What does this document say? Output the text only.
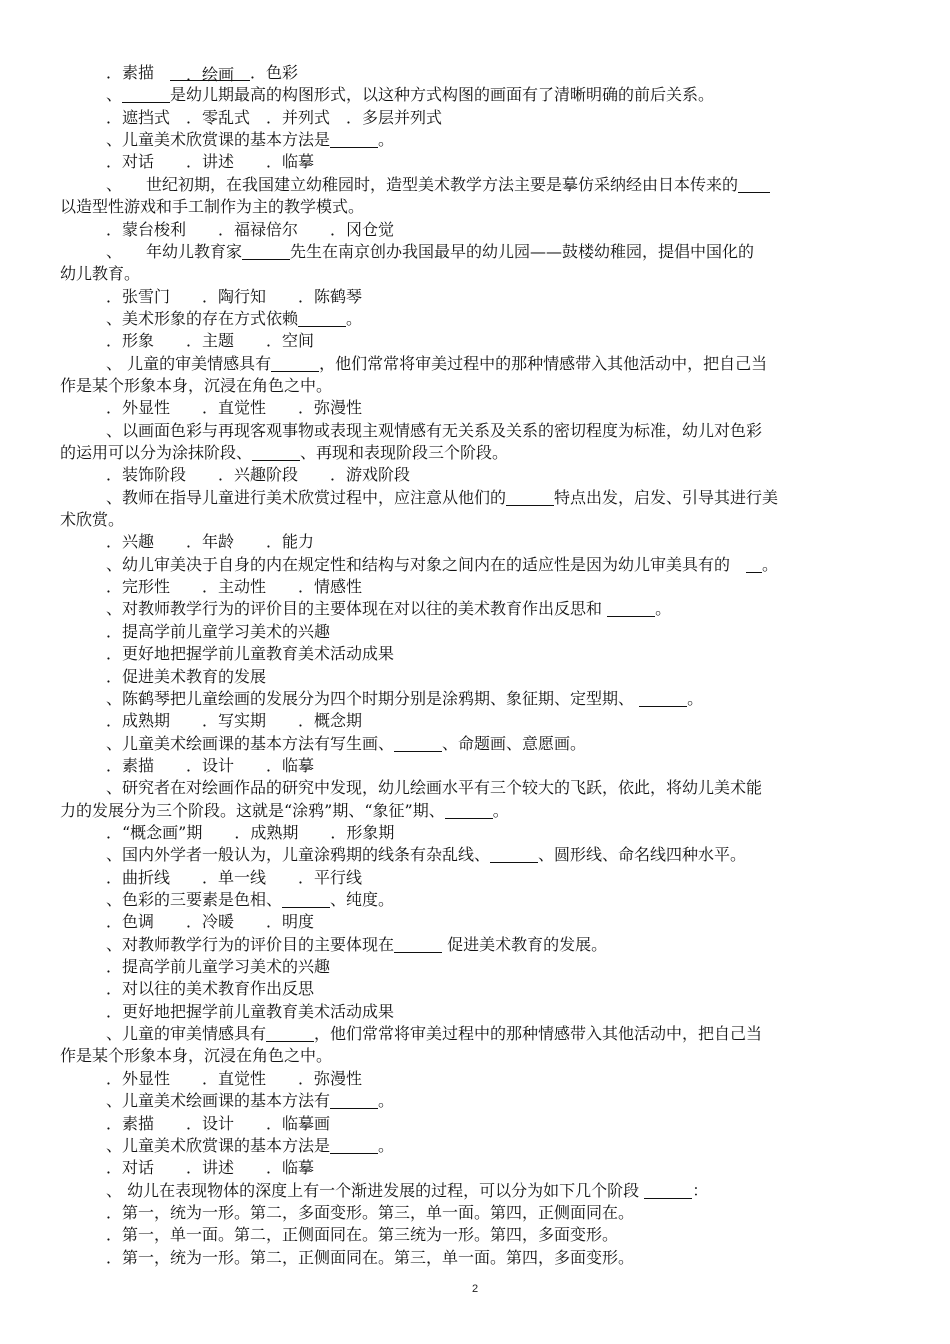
．素描　　．绘画　．色彩
、　　　	是幼儿期最高的构图形式，以这种方式构图的画面有了清晰明确的前后关系。
．遮挡式　．零乱式　．并列式　．多层并列式
、儿童美术欣赏课的基本方法是　　　	。
．对话　　．讲述　　．临摹
、　　世纪初期，在我国建立幼稚园时，造型美术教学方法主要是摹仿采纳经由日本传来的　　
以造型性游戏和手工制作为主的教学模式。
．蒙台梭利　　．福禄倍尔　　．冈仓觉
、　　年幼儿教育家　　　	先生在南京创办我国最早的幼儿园——鼓楼幼稚园，提倡中国化的
幼儿教育。
．张雪门　　．陶行知　　．陈鹤琴
、美术形象的存在方式依赖　　　	。
．形象　　．主题　　．空间
、 儿童的审美情感具有　　　	，他们常常将审美过程中的那种情感带入其他活动中，把自己当
作是某个形象本身，沉浸在角色之中。
．外显性　　．直觉性　　．弥漫性
、以画面色彩与再现客观事物或表现主观情感有无关系及关系的密切程度为标准，幼儿对色彩
的运用可以分为涂抹阶段、　　　	、再现和表现阶段三个阶段。
．装饰阶段　　．兴趣阶段　　．游戏阶段
、教师在指导儿童进行美术欣赏过程中，应注意从他们的　　　	特点出发，启发、引导其进行美
术欣赏。
．兴趣　　．年龄　　．能力
、幼儿审美决于自身的内在规定性和结构与对象之间内在的适应性是因为幼儿审美具有的　　。
．完形性　　．主动性　　．情感性
、对教师教学行为的评价目的主要体现在对以往的美术教育作出反思和 　　　	。
．提高学前儿童学习美术的兴趣
．更好地把握学前儿童教育美术活动成果
．促进美术教育的发展
、陈鹤琴把儿童绘画的发展分为四个时期分别是涂鸦期、象征期、定型期、 　　　	。
．成熟期　　．写实期　　．概念期
、儿童美术绘画课的基本方法有写生画、　　　	、命题画、意愿画。
．素描　　．设计　　．临摹
、研究者在对绘画作品的研究中发现，幼儿绘画水平有三个较大的飞跃，依此，将幼儿美术能
力的发展分为三个阶段。这就是“涂鸦”期、“象征”期、　　　	。
．“概念画”期　　．成熟期　　．形象期
、国内外学者一般认为，儿童涂鸦期的线条有杂乱线、　　　	、圆形线、命名线四种水平。
．曲折线　　．单一线　　．平行线
、色彩的三要素是色相、　　　	、纯度。
．色调　　．冷暖　　．明度
、对教师教学行为的评价目的主要体现在　　　	促进美术教育的发展。
．提高学前儿童学习美术的兴趣
．对以往的美术教育作出反思
．更好地把握学前儿童教育美术活动成果
、儿童的审美情感具有　　　	，他们常常将审美过程中的那种情感带入其他活动中，把自己当
作是某个形象本身，沉浸在角色之中。
．外显性　　．直觉性　　．弥漫性
、儿童美术绘画课的基本方法有　　　	。
．素描　　．设计　　．临摹画
、儿童美术欣赏课的基本方法是　　　	。
．对话　　．讲述　　．临摹
、 幼儿在表现物体的深度上有一个渐进发展的过程，可以分为如下几个阶段 　　　	：
．第一，统为一形。第二，多面变形。第三，单一面。第四，正侧面同在。
．第一，单一面。第二，正侧面同在。第三统为一形。第四，多面变形。
．第一，统为一形。第二，正侧面同在。第三，单一面。第四，多面变形。
2
